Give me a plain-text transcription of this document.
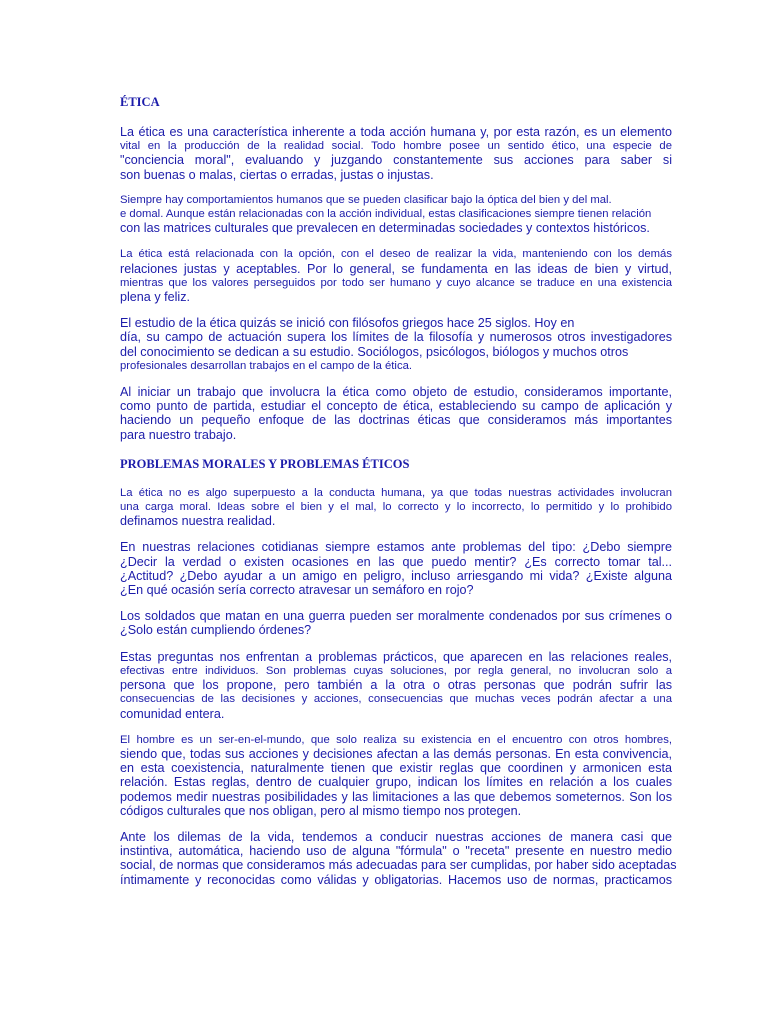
ÉTICA
La ética es una característica inherente a toda acción humana y, por esta razón, es un elemento
vital en la producción de la realidad social. Todo hombre posee un sentido ético, una especie de
"conciencia moral", evaluando y juzgando constantemente sus acciones para saber si
son buenas o malas, ciertas o erradas, justas o injustas.
Siempre hay comportamientos humanos que se pueden clasificar bajo la óptica del bien y del mal.
e domal. Aunque están relacionadas con la acción individual, estas clasificaciones siempre tienen relación
con las matrices culturales que prevalecen en determinadas sociedades y contextos históricos.
La ética está relacionada con la opción, con el deseo de realizar la vida, manteniendo con los demás
relaciones justas y aceptables. Por lo general, se fundamenta en las ideas de bien y virtud,
mientras que los valores perseguidos por todo ser humano y cuyo alcance se traduce en una existencia
plena y feliz.
El estudio de la ética quizás se inició con filósofos griegos hace 25 siglos. Hoy en
día, su campo de actuación supera los límites de la filosofía y numerosos otros investigadores
del conocimiento se dedican a su estudio. Sociólogos, psicólogos, biólogos y muchos otros
profesionales desarrollan trabajos en el campo de la ética.
Al iniciar un trabajo que involucra la ética como objeto de estudio, consideramos importante,
como punto de partida, estudiar el concepto de ética, estableciendo su campo de aplicación y
haciendo un pequeño enfoque de las doctrinas éticas que consideramos más importantes
para nuestro trabajo.
PROBLEMAS MORALES Y PROBLEMAS ÉTICOS
La ética no es algo superpuesto a la conducta humana, ya que todas nuestras actividades involucran
una carga moral. Ideas sobre el bien y el mal, lo correcto y lo incorrecto, lo permitido y lo prohibido
definamos nuestra realidad.
En nuestras relaciones cotidianas siempre estamos ante problemas del tipo: ¿Debo siempre
¿Decir la verdad o existen ocasiones en las que puedo mentir? ¿Es correcto tomar tal...
¿Actitud? ¿Debo ayudar a un amigo en peligro, incluso arriesgando mi vida? ¿Existe alguna
¿En qué ocasión sería correcto atravesar un semáforo en rojo?
Los soldados que matan en una guerra pueden ser moralmente condenados por sus crímenes o
¿Solo están cumpliendo órdenes?
Estas preguntas nos enfrentan a problemas prácticos, que aparecen en las relaciones reales,
efectivas entre individuos. Son problemas cuyas soluciones, por regla general, no involucran solo a
persona que los propone, pero también a la otra o otras personas que podrán sufrir las
consecuencias de las decisiones y acciones, consecuencias que muchas veces podrán afectar a una
comunidad entera.
El hombre es un ser-en-el-mundo, que solo realiza su existencia en el encuentro con otros hombres,
siendo que, todas sus acciones y decisiones afectan a las demás personas. En esta convivencia,
en esta coexistencia, naturalmente tienen que existir reglas que coordinen y armonicen esta
relación. Estas reglas, dentro de cualquier grupo, indican los límites en relación a los cuales
podemos medir nuestras posibilidades y las limitaciones a las que debemos someternos. Son los
códigos culturales que nos obligan, pero al mismo tiempo nos protegen.
Ante los dilemas de la vida, tendemos a conducir nuestras acciones de manera casi que
instintiva, automática, haciendo uso de alguna "fórmula" o "receta" presente en nuestro medio
social, de normas que consideramos más adecuadas para ser cumplidas, por haber sido aceptadas
íntimamente y reconocidas como válidas y obligatorias. Hacemos uso de normas, practicamos
